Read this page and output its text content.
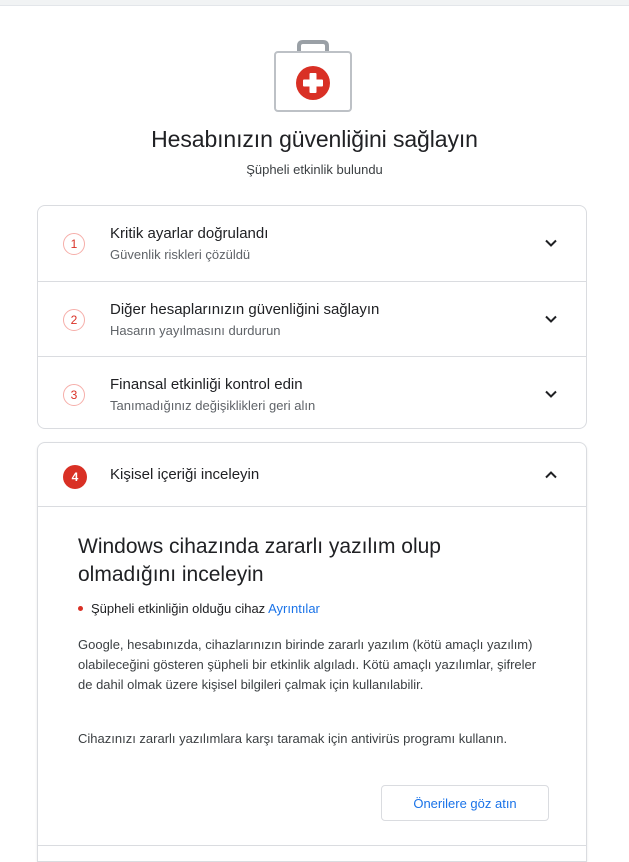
Hesabınızın güvenliğini sağlayın
Şüpheli etkinlik bulundu
1
Kritik ayarlar doğrulandı
Güvenlik riskleri çözüldü
2
Diğer hesaplarınızın güvenliğini sağlayın
Hasarın yayılmasını durdurun
3
Finansal etkinliği kontrol edin
Tanımadığınız değişiklikleri geri alın
4	Kişisel içeriği inceleyin
Windows cihazında zararlı yazılım olup olmadığını inceleyin
Şüpheli etkinliğin olduğu cihaz Ayrıntılar
Google, hesabınızda, cihazlarınızın birinde zararlı yazılım (kötü amaçlı yazılım) olabileceğini gösteren şüpheli bir etkinlik algıladı. Kötü amaçlı yazılımlar, şifreler de dahil olmak üzere kişisel bilgileri çalmak için kullanılabilir.
Cihazınızı zararlı yazılımlara karşı taramak için antivirüs programı kullanın.
Önerilere göz atın
